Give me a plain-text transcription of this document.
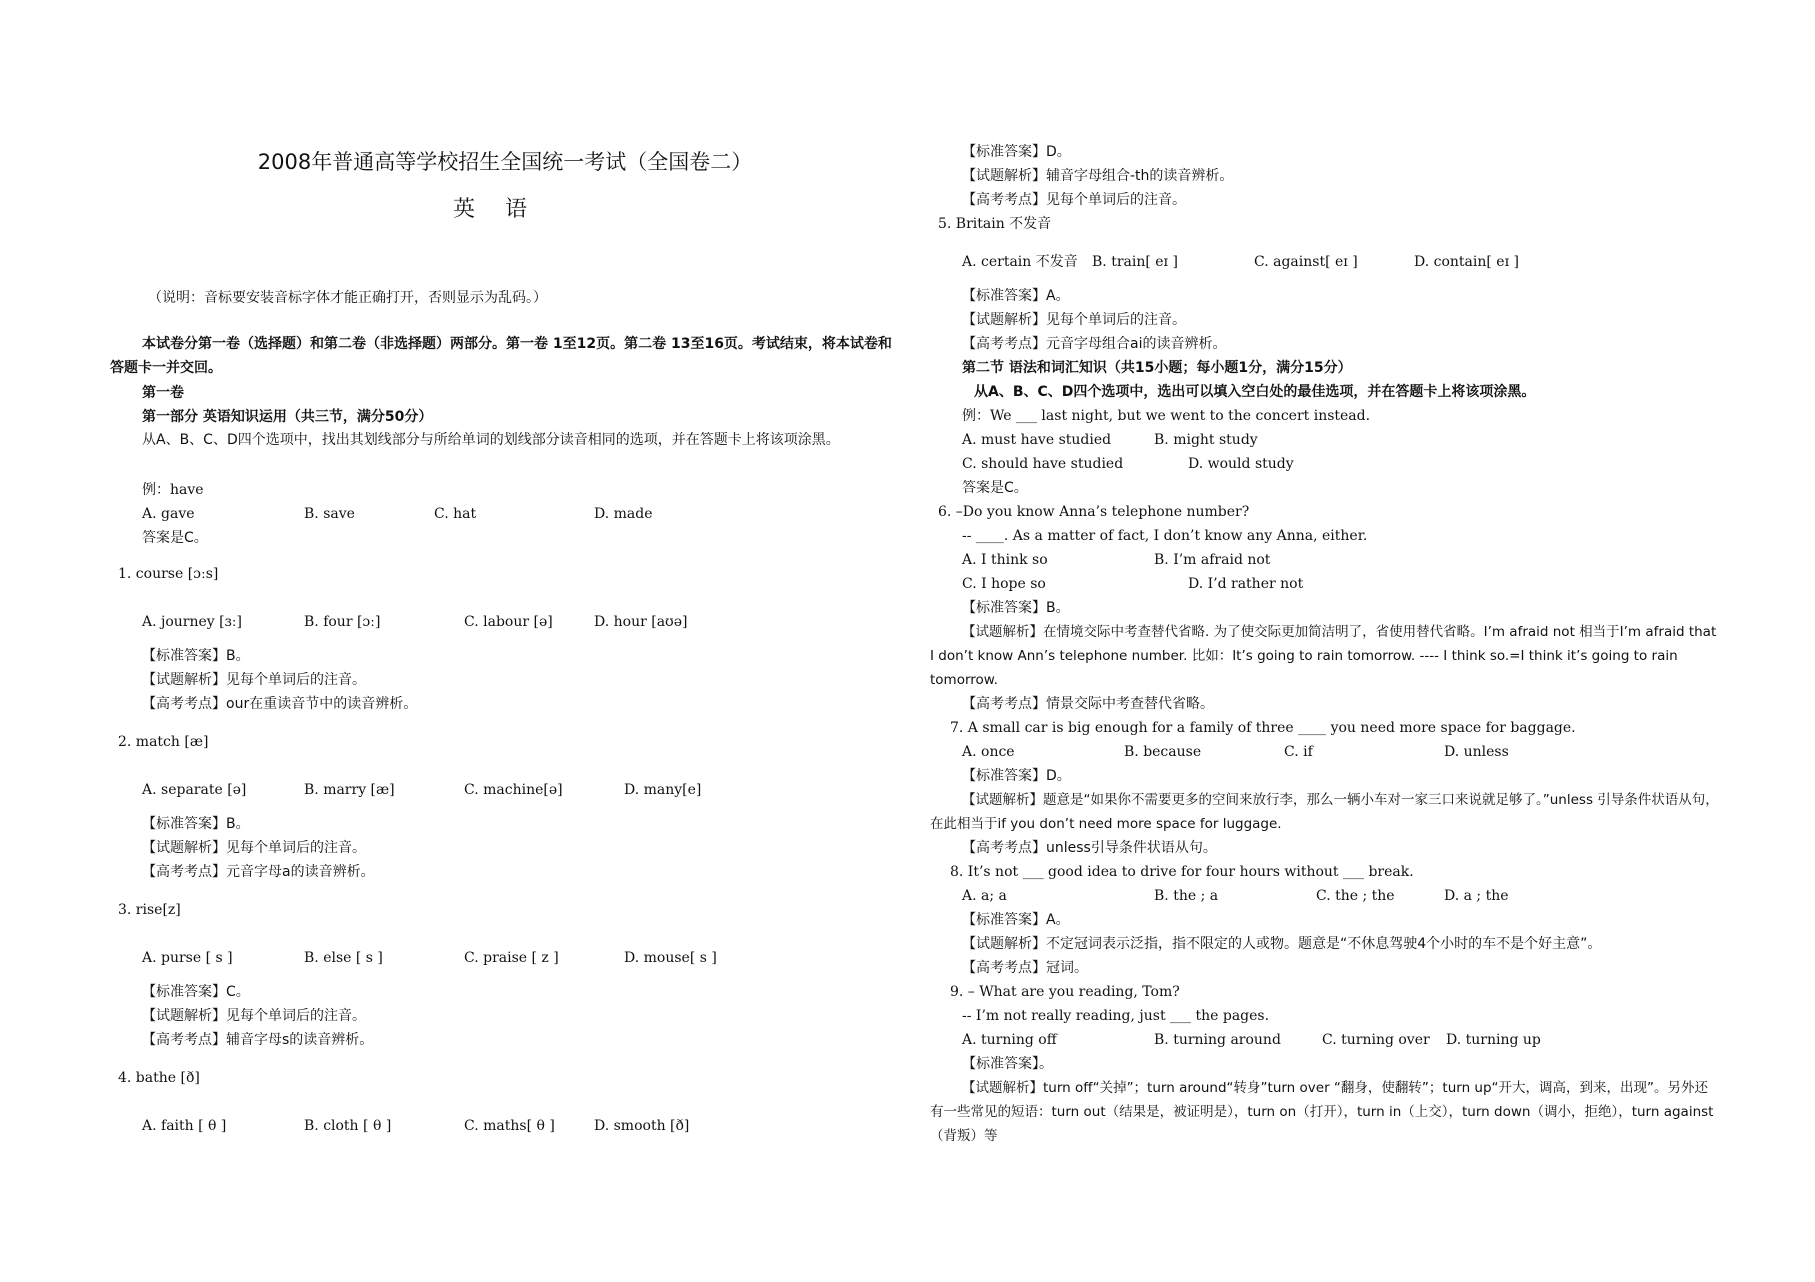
2008年普通高等学校招生全国统一考试（全国卷二）
英语
（说明：音标要安装音标字体才能正确打开，否则显示为乱码。）
本试卷分第一卷（选择题）和第二卷（非选择题）两部分。第一卷 1至12页。第二卷 13至16页。考试结束，将本试卷和答题卡一并交回。
第一卷
第一部分 英语知识运用（共三节，满分50分）
从A、B、C、D四个选项中，找出其划线部分与所给单词的划线部分读音相同的选项，并在答题卡上将该项涂黑。
例：have
A. gave	B. save	C. hat	D. made
答案是C。
1. course [ɔːs]
A. journey [ɜː]	B. four [ɔː]	C. labour [ə]	D. hour [aʊə]
【标准答案】B。
【试题解析】见每个单词后的注音。
【高考考点】our在重读音节中的读音辨析。
2. match [æ]
A. separate [ə]	B. marry [æ]	C. machine[ə]	D. many[e]
【标准答案】B。
【试题解析】见每个单词后的注音。
【高考考点】元音字母a的读音辨析。
3. rise[z]
A. purse [ s ]	B. else [ s ]	C. praise [ z ]	D. mouse[ s ]
【标准答案】C。
【试题解析】见每个单词后的注音。
【高考考点】辅音字母s的读音辨析。
4. bathe [ð]
A. faith [ θ ]	B. cloth [ θ ]	C. maths[ θ ]	D. smooth [ð]
【标准答案】D。
【试题解析】辅音字母组合-th的读音辨析。
【高考考点】见每个单词后的注音。
5. Britain 不发音
A. certain 不发音 B. train[ eɪ ]	C. against[ eɪ ]	D. contain[ eɪ ]
【标准答案】A。
【试题解析】见每个单词后的注音。
【高考考点】元音字母组合ai的读音辨析。
第二节 语法和词汇知识（共15小题；每小题1分，满分15分）
从A、B、C、D四个选项中，选出可以填入空白处的最佳选项，并在答题卡上将该项涂黑。
例：We ___ last night, but we went to the concert instead.
A. must have studied	B. might study
C. should have studied	D. would study
答案是C。
6. –Do you know Anna’s telephone number?
-- ____. As a matter of fact, I don’t know any Anna, either.
A. I think so	B. I’m afraid not
C. I hope so	D. I’d rather not
【标准答案】B。
【试题解析】在情境交际中考查替代省略. 为了使交际更加简洁明了，省使用替代省略。I’m afraid not 相当于I’m afraid that I don’t know Ann’s telephone number. 比如：It’s going to rain tomorrow. ---- I think so.=I think it’s going to rain tomorrow.
【高考考点】情景交际中考查替代省略。
7. A small car is big enough for a family of three ____ you need more space for baggage.
A. once	B. because	C. if	D. unless
【标准答案】D。
【试题解析】题意是“如果你不需要更多的空间来放行李，那么一辆小车对一家三口来说就足够了。”unless 引导条件状语从句，在此相当于if you don’t need more space for luggage.
【高考考点】unless引导条件状语从句。
8. It’s not ___ good idea to drive for four hours without ___ break.
A. a; a	B. the ; a	C. the ; the	D. a ; the
【标准答案】A。
【试题解析】不定冠词表示泛指，指不限定的人或物。题意是“不休息驾驶4个小时的车不是个好主意”。
【高考考点】冠词。
9. – What are you reading, Tom?
-- I’m not really reading, just ___ the pages.
A. turning off	B. turning around	C. turning over D. turning up
【标准答案】。
【试题解析】turn off“关掉”；turn around“转身”turn over “翻身，使翻转”；turn up“开大，调高，到来，出现”。另外还有一些常见的短语：turn out（结果是，被证明是），turn on（打开），turn in（上交），turn down（调小，拒绝），turn against（背叛）等
